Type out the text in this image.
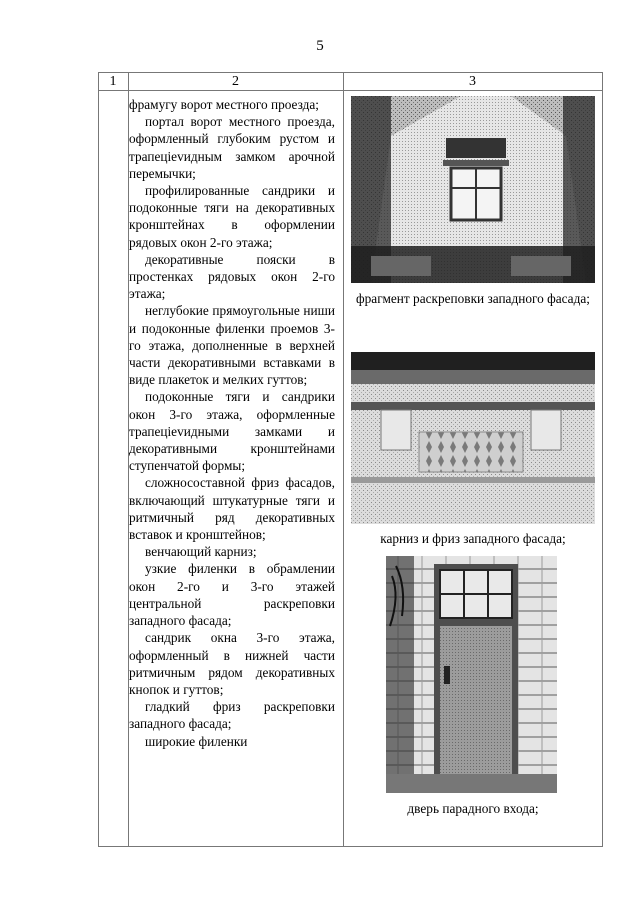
5
1	2	3

фрамугу ворот местного проезда;

портал ворот местного проезда, оформленный глубоким рустом и трапецievидным замком арочной перемычки;

профилированные сандрики и подоконные тяги на декоративных кронштейнах в оформлении рядовых окон 2-го этажа;

декоративные пояски в простенках рядовых окон 2-го этажа;

неглубокие прямоугольные ниши и подоконные филенки проемов 3-го этажа, дополненные в верхней части декоративными вставками в виде плакеток и мелких гуттов;

подоконные тяги и сандрики окон 3-го этажа, оформленные трапецievидными замками и декоративными кронштейнами ступенчатой формы;

сложносоставной фриз фасадов, включающий штукатурные тяги и ритмичный ряд декоративных вставок и кронштейнов;

венчающий карниз;

узкие филенки в обрамлении окон 2-го и 3-го этажей центральной раскреповки западного фасада;

сандрик окна 3-го этажа, оформленный в нижней части ритмичным рядом декоративных кнопок и гуттов;

гладкий фриз раскреповки западного фасада;

широкие филенки

фрагмент раскреповки западного фасада;
карниз и фриз западного фасада;
дверь парадного входа;
